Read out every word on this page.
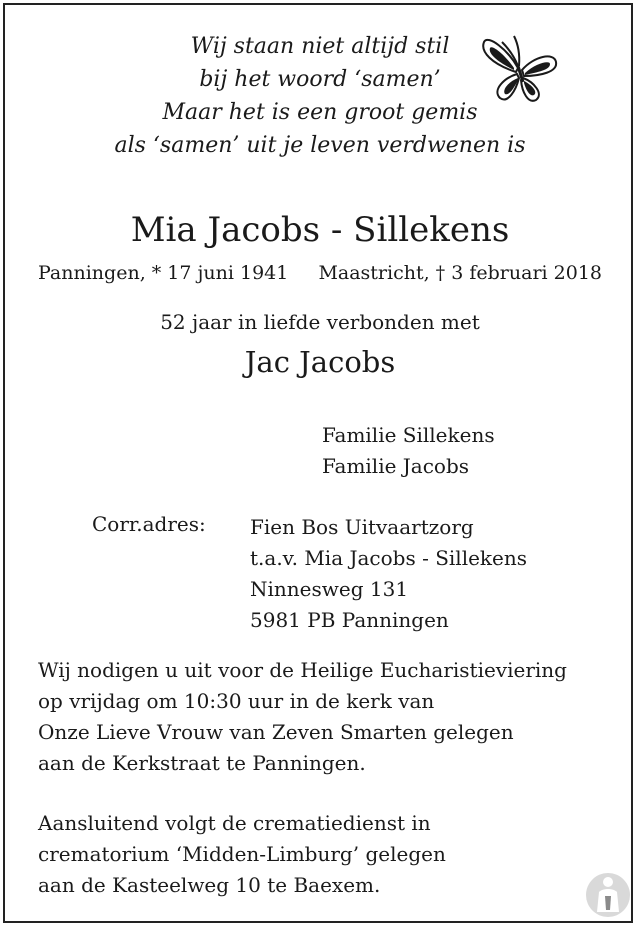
Wij staan niet altijd stil
bij het woord ‘samen’
Maar het is een groot gemis
als ‘samen’ uit je leven verdwenen is
Mia Jacobs - Sillekens
Panningen, * 17 juni 1941 Maastricht, † 3 februari 2018
52 jaar in liefde verbonden met
Jac Jacobs
Familie Sillekens
Familie Jacobs
Corr.adres: Fien Bos Uitvaartzorg
t.a.v. Mia Jacobs - Sillekens
Ninnesweg 131
5981 PB Panningen
Wij nodigen u uit voor de Heilige Eucharistieviering
op vrijdag om 10:30 uur in de kerk van
Onze Lieve Vrouw van Zeven Smarten gelegen
aan de Kerkstraat te Panningen.
Aansluitend volgt de crematiedienst in
crematorium ‘Midden-Limburg’ gelegen
aan de Kasteelweg 10 te Baexem.
